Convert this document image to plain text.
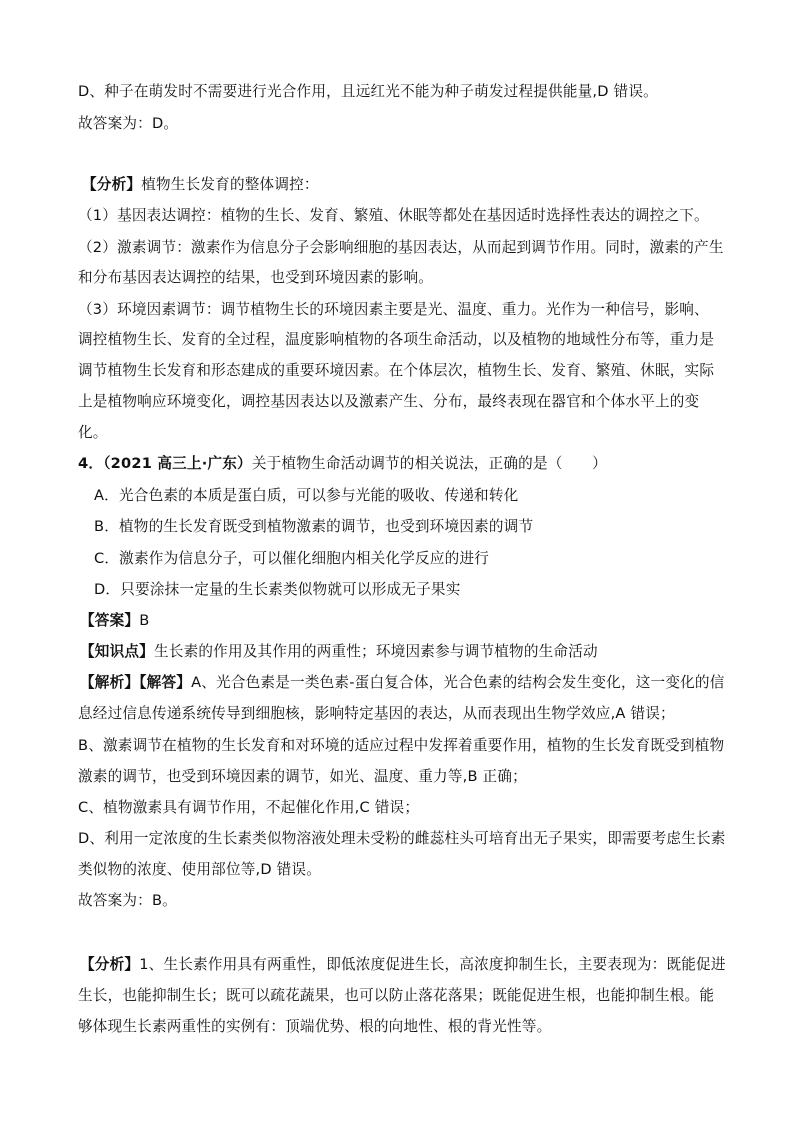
D、种子在萌发时不需要进行光合作用，且远红光不能为种子萌发过程提供能量,D 错误。
故答案为：D。
【分析】植物生长发育的整体调控：
（1）基因表达调控：植物的生长、发育、繁殖、休眠等都处在基因适时选择性表达的调控之下。
（2）激素调节：激素作为信息分子会影响细胞的基因表达，从而起到调节作用。同时，激素的产生
和分布基因表达调控的结果，也受到环境因素的影响。
（3）环境因素调节：调节植物生长的环境因素主要是光、温度、重力。光作为一种信号，影响、
调控植物生长、发育的全过程，温度影响植物的各项生命活动，以及植物的地域性分布等，重力是
调节植物生长发育和形态建成的重要环境因素。在个体层次，植物生长、发育、繁殖、休眠，实际
上是植物响应环境变化，调控基因表达以及激素产生、分布，最终表现在器官和个体水平上的变
化。
4．（2021 高三上·广东）关于植物生命活动调节的相关说法，正确的是（　　）
A．光合色素的本质是蛋白质，可以参与光能的吸收、传递和转化
B．植物的生长发育既受到植物激素的调节，也受到环境因素的调节
C．激素作为信息分子，可以催化细胞内相关化学反应的进行
D．只要涂抹一定量的生长素类似物就可以形成无子果实
【答案】B
【知识点】生长素的作用及其作用的两重性；环境因素参与调节植物的生命活动
【解析】【解答】A、光合色素是一类色素-蛋白复合体，光合色素的结构会发生变化，这一变化的信
息经过信息传递系统传导到细胞核，影响特定基因的表达，从而表现出生物学效应,A 错误；
B、激素调节在植物的生长发育和对环境的适应过程中发挥着重要作用，植物的生长发育既受到植物
激素的调节，也受到环境因素的调节，如光、温度、重力等,B 正确；
C、植物激素具有调节作用，不起催化作用,C 错误；
D、利用一定浓度的生长素类似物溶液处理未受粉的雌蕊柱头可培育出无子果实，即需要考虑生长素
类似物的浓度、使用部位等,D 错误。
故答案为：B。
【分析】1、生长素作用具有两重性，即低浓度促进生长，高浓度抑制生长，主要表现为：既能促进
生长，也能抑制生长；既可以疏花蔬果，也可以防止落花落果；既能促进生根，也能抑制生根。能
够体现生长素两重性的实例有：顶端优势、根的向地性、根的背光性等。
